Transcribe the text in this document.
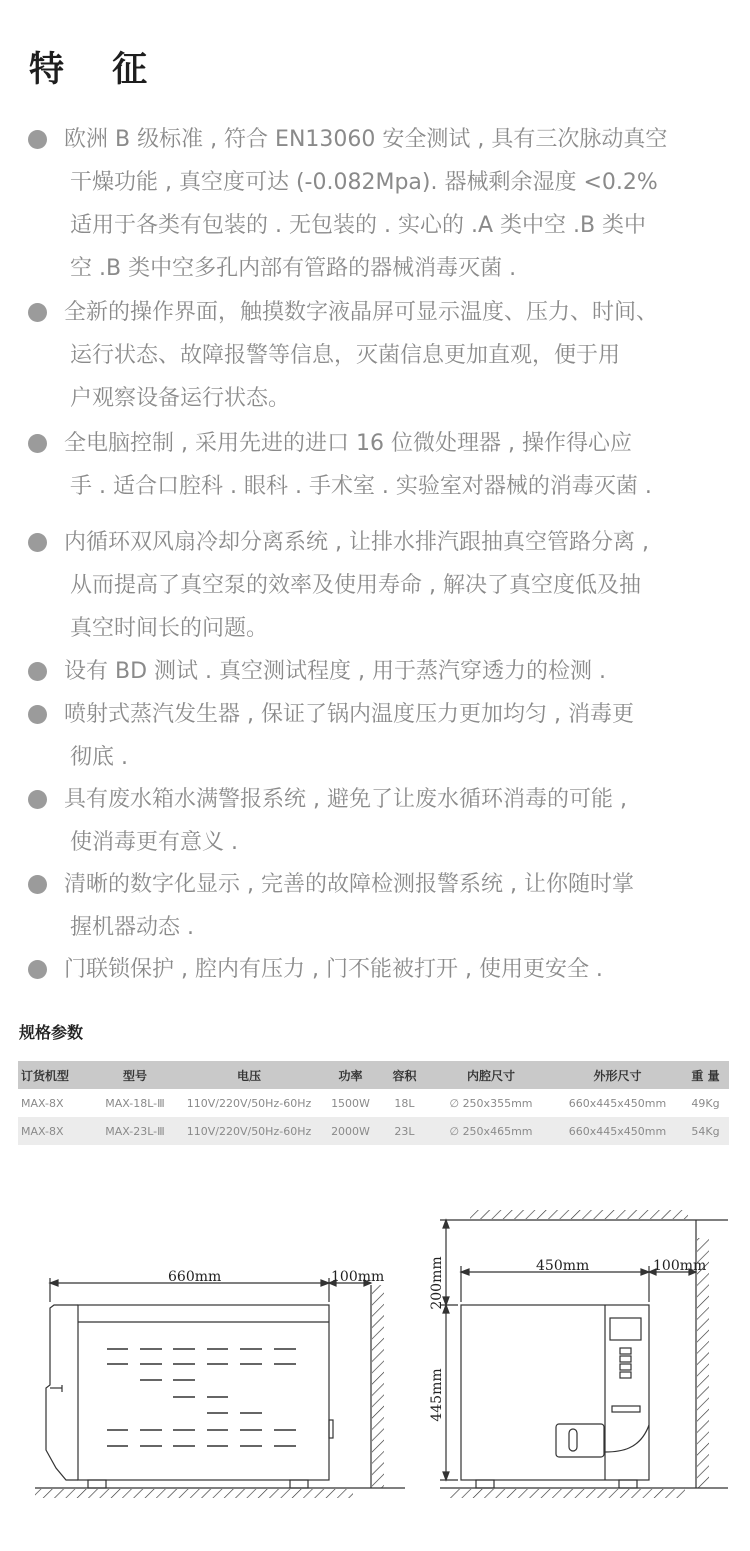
特 征
欧洲 B 级标准 , 符合 EN13060 安全测试 , 具有三次脉动真空
干燥功能 , 真空度可达 (-0.082Mpa). 器械剩余湿度 <0.2%
适用于各类有包装的 . 无包装的 . 实心的 .A 类中空 .B 类中
空 .B 类中空多孔内部有管路的器械消毒灭菌 .
全新的操作界面，触摸数字液晶屏可显示温度、压力、时间、
运行状态、故障报警等信息，灭菌信息更加直观，便于用
户观察设备运行状态。
全电脑控制 , 采用先进的进口 16 位微处理器 , 操作得心应
手 . 适合口腔科 . 眼科 . 手术室 . 实验室对器械的消毒灭菌 .
内循环双风扇冷却分离系统 , 让排水排汽跟抽真空管路分离 ,
从而提高了真空泵的效率及使用寿命 , 解决了真空度低及抽
真空时间长的问题。
设有 BD 测试 . 真空测试程度 , 用于蒸汽穿透力的检测 .
喷射式蒸汽发生器 , 保证了锅内温度压力更加均匀 , 消毒更
彻底 .
具有废水箱水满警报系统 , 避免了让废水循环消毒的可能 ,
使消毒更有意义 .
清晰的数字化显示 , 完善的故障检测报警系统 , 让你随时掌
握机器动态 .
门联锁保护 , 腔内有压力 , 门不能被打开 , 使用更安全 .
规格参数
订货机型	型号	电压	功率	容积	内腔尺寸	外形尺寸	重 量
MAX-8X	MAX-18L-Ⅲ	110V/220V/50Hz-60Hz	1500W	18L	∅ 250x355mm	660x445x450mm	49Kg
MAX-8X	MAX-23L-Ⅲ	110V/220V/50Hz-60Hz	2000W	23L	∅ 250x465mm	660x445x450mm	54Kg
660mm	100mm
450mm	100mm
200mm
445mm
